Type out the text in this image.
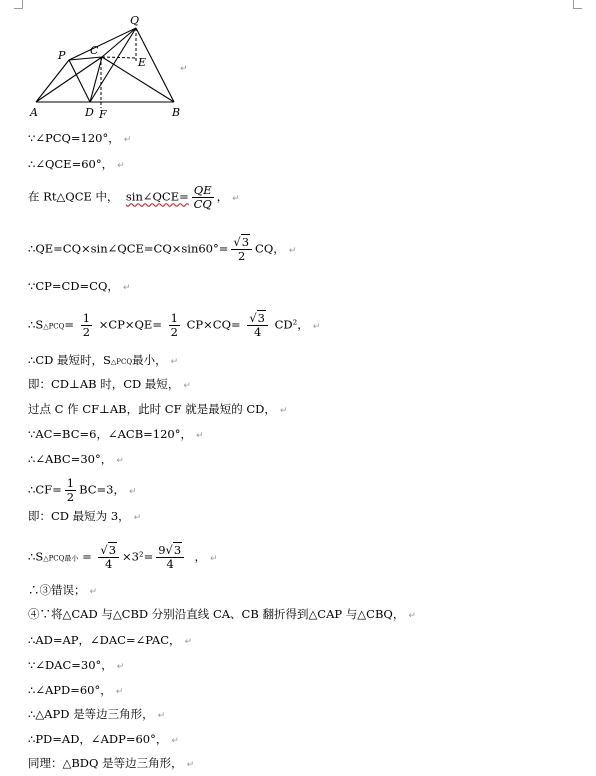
Q
P C
E
A	D F	B
↵
∵∠PCQ=120°， ↵
∴∠QCE=60°， ↵
在 Rt△QCE 中， sin∠QCE= $\frac{QE}{CQ}$ ， ↵
∴QE=CQ×sin∠QCE=CQ×sin60°= $\frac{√3}{2}$ CQ， ↵
∵CP=CD=CQ， ↵
∴S△PCQ= $\frac{1}{2} \times CP\times QE= \frac{1}{2} CP\times CQ= \frac{√3}{4} CD^2$， ↵
∴CD 最短时，S△PCQ最小， ↵
即：CD⊥AB 时，CD 最短， ↵
过点 C 作 CF⊥AB，此时 CF 就是最短的 CD， ↵
∵AC=BC=6，∠ACB=120°， ↵
∴∠ABC=30°， ↵
∴CF= $\frac{1}{2} BC=3$， ↵
即：CD 最短为 3， ↵
∴S△PCQ最小 = $\frac{√3}{4} \times 3^2= \frac{9√3}{4}$ ， ↵
∴③错误； ↵
④∵将△CAD 与△CBD 分别沿直线 CA、CB 翻折得到△CAP 与△CBQ， ↵
∴AD=AP，∠DAC=∠PAC， ↵
∵∠DAC=30°， ↵
∴∠APD=60°， ↵
∴△APD 是等边三角形， ↵
∴PD=AD，∠ADP=60°， ↵
同理：△BDQ 是等边三角形， ↵
